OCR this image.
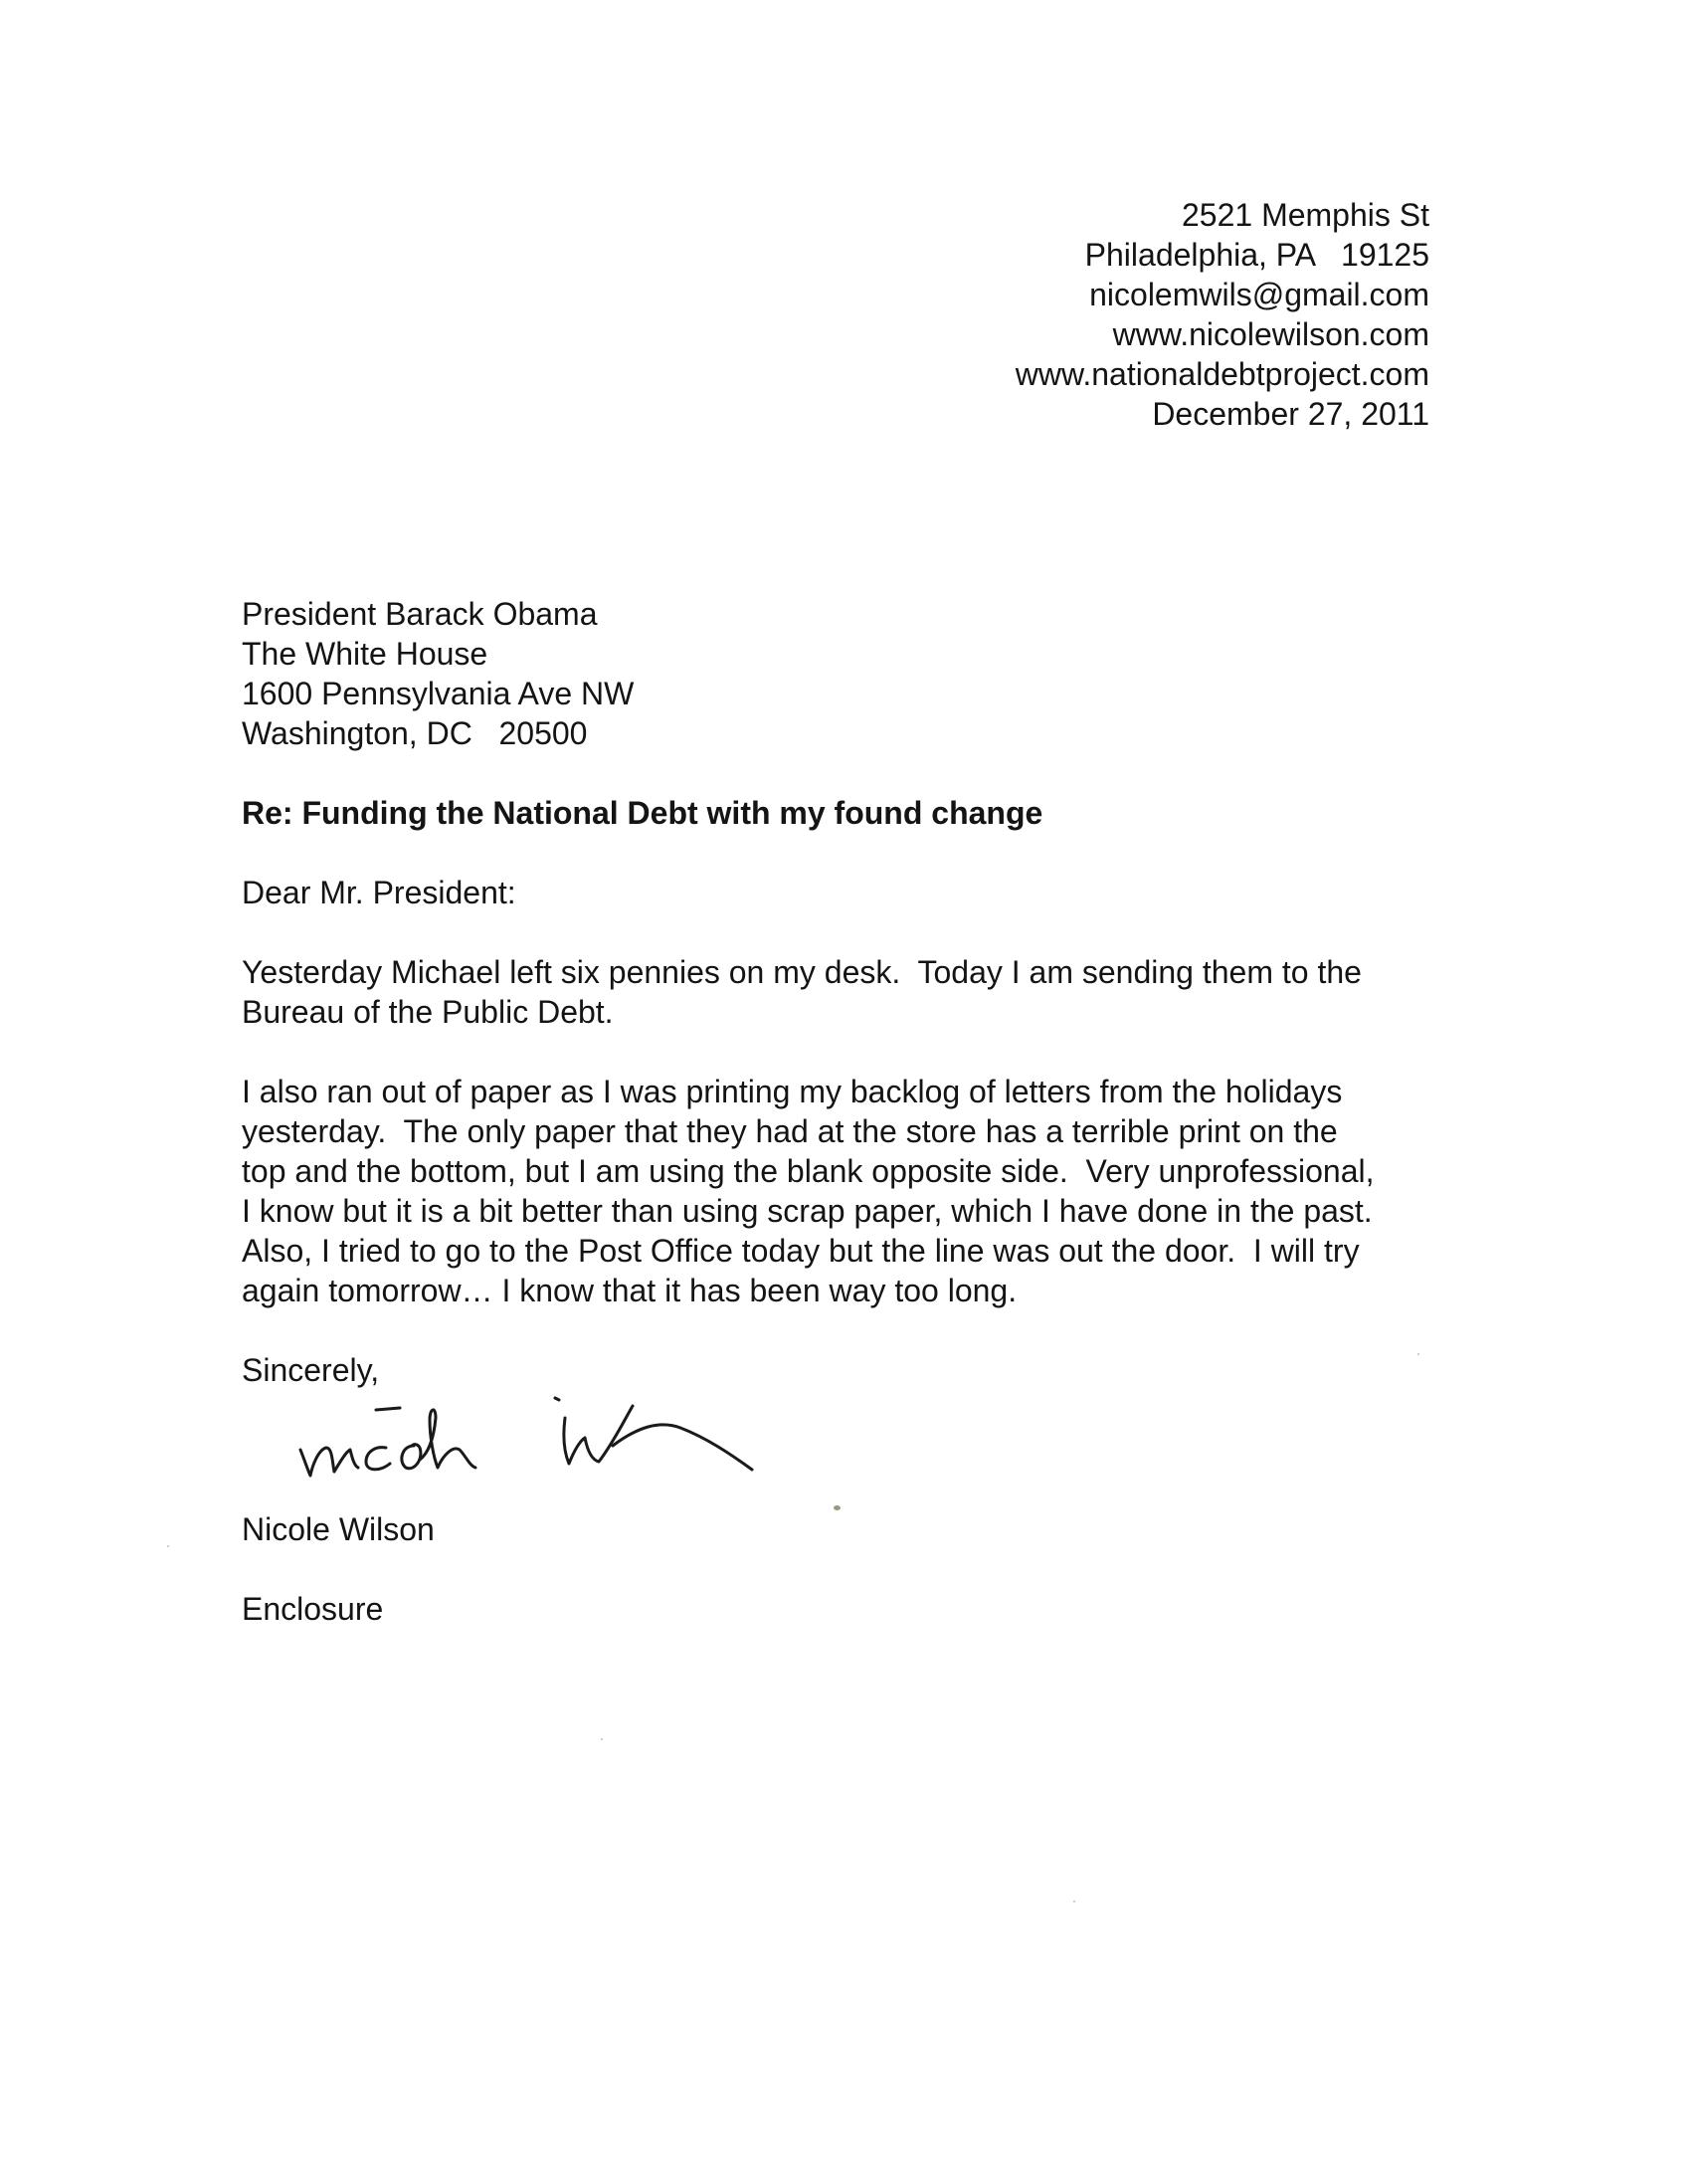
2521 Memphis St
Philadelphia, PA   19125
nicolemwils@gmail.com
www.nicolewilson.com
www.nationaldebtproject.com
December 27, 2011
President Barack Obama
The White House
1600 Pennsylvania Ave NW
Washington, DC   20500
Re: Funding the National Debt with my found change
Dear Mr. President:
Yesterday Michael left six pennies on my desk.  Today I am sending them to the
Bureau of the Public Debt.
I also ran out of paper as I was printing my backlog of letters from the holidays
yesterday.  The only paper that they had at the store has a terrible print on the
top and the bottom, but I am using the blank opposite side.  Very unprofessional,
I know but it is a bit better than using scrap paper, which I have done in the past.
Also, I tried to go to the Post Office today but the line was out the door.  I will try
again tomorrow… I know that it has been way too long.
Sincerely,
Nicole Wilson
Enclosure
